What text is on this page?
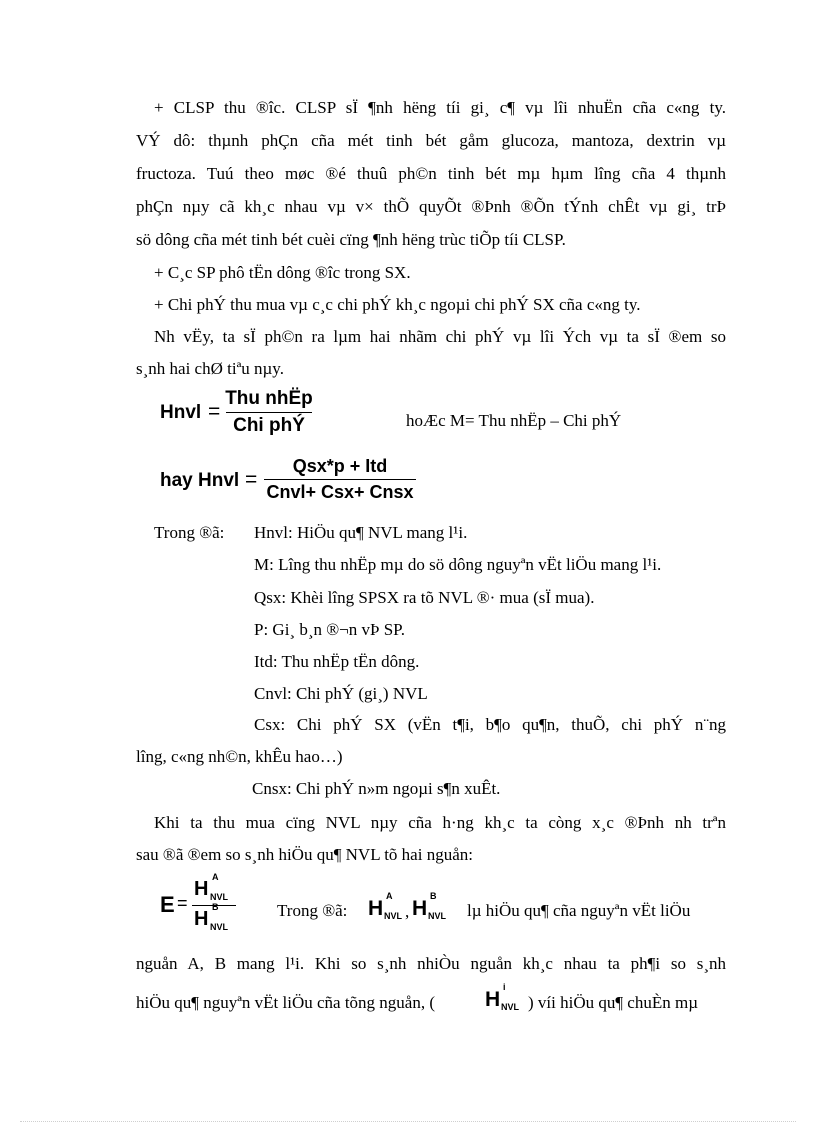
+ CLSP thu ®îc. CLSP sÏ ¶nh hëng tíi gi¸ c¶ vµ lîi nhuËn cña c«ng ty.
VÝ dô: thµnh phÇn cña mét tinh bét gåm glucoza, mantoza, dextrin vµ
fructoza. Tuú theo møc ®é thuû ph©n tinh bét mµ hµm lîng cña 4 thµnh
phÇn nµy cã kh¸c nhau vµ v× thÕ quyÕt ®Þnh ®Õn tÝnh chÊt vµ gi¸ trÞ
sö dông cña mét tinh bét cuèi cïng ¶nh hëng trùc tiÕp tíi CLSP.
+ C¸c SP phô tËn dông ®îc trong SX.
+ Chi phÝ thu mua vµ c¸c chi phÝ kh¸c ngoµi chi phÝ SX cña c«ng ty.
Nh vËy, ta sÏ ph©n ra lµm hai nhãm chi phÝ vµ lîi Ých vµ ta sÏ ®em so
s¸nh hai chØ tiªu nµy.
Hnvl =
Thu nhËp
Chi phÝ	hoÆc M= Thu nhËp – Chi phÝ
hay Hnvl =
Qsx*p + Itd
Cnvl+ Csx+ Cnsx
Trong ®ã: Hnvl: HiÖu qu¶ NVL mang l¹i.
M: Lîng thu nhËp mµ do sö dông nguyªn vËt liÖu mang l¹i.
Qsx: Khèi lîng SPSX ra tõ NVL ®· mua (sÏ mua).
P: Gi¸ b¸n ®¬n vÞ SP.
Itd: Thu nhËp tËn dông.
Cnvl: Chi phÝ (gi¸) NVL
Csx: Chi phÝ SX (vËn t¶i, b¶o qu¶n, thuÕ, chi phÝ n¨ng
lîng, c«ng nh©n, khÊu hao…)
Cnsx: Chi phÝ n»m ngoµi s¶n xuÊt.
Khi ta thu mua cïng NVL nµy cña h·ng kh¸c ta còng x¸c ®Þnh nh trªn
sau ®ã ®em so s¸nh hiÖu qu¶ NVL tõ hai nguån:
E =
H
A
NVL
H
B
NVL
Trong ®ã: H
A
NVL , H
B
NVL lµ hiÖu qu¶ cña nguyªn vËt liÖu
nguån A, B mang l¹i. Khi so s¸nh nhiÒu nguån kh¸c nhau ta ph¶i so s¸nh
hiÖu qu¶ nguyªn vËt liÖu cña tõng nguån, ( H
i
NVL ) víi hiÖu qu¶ chuÈn mµ
